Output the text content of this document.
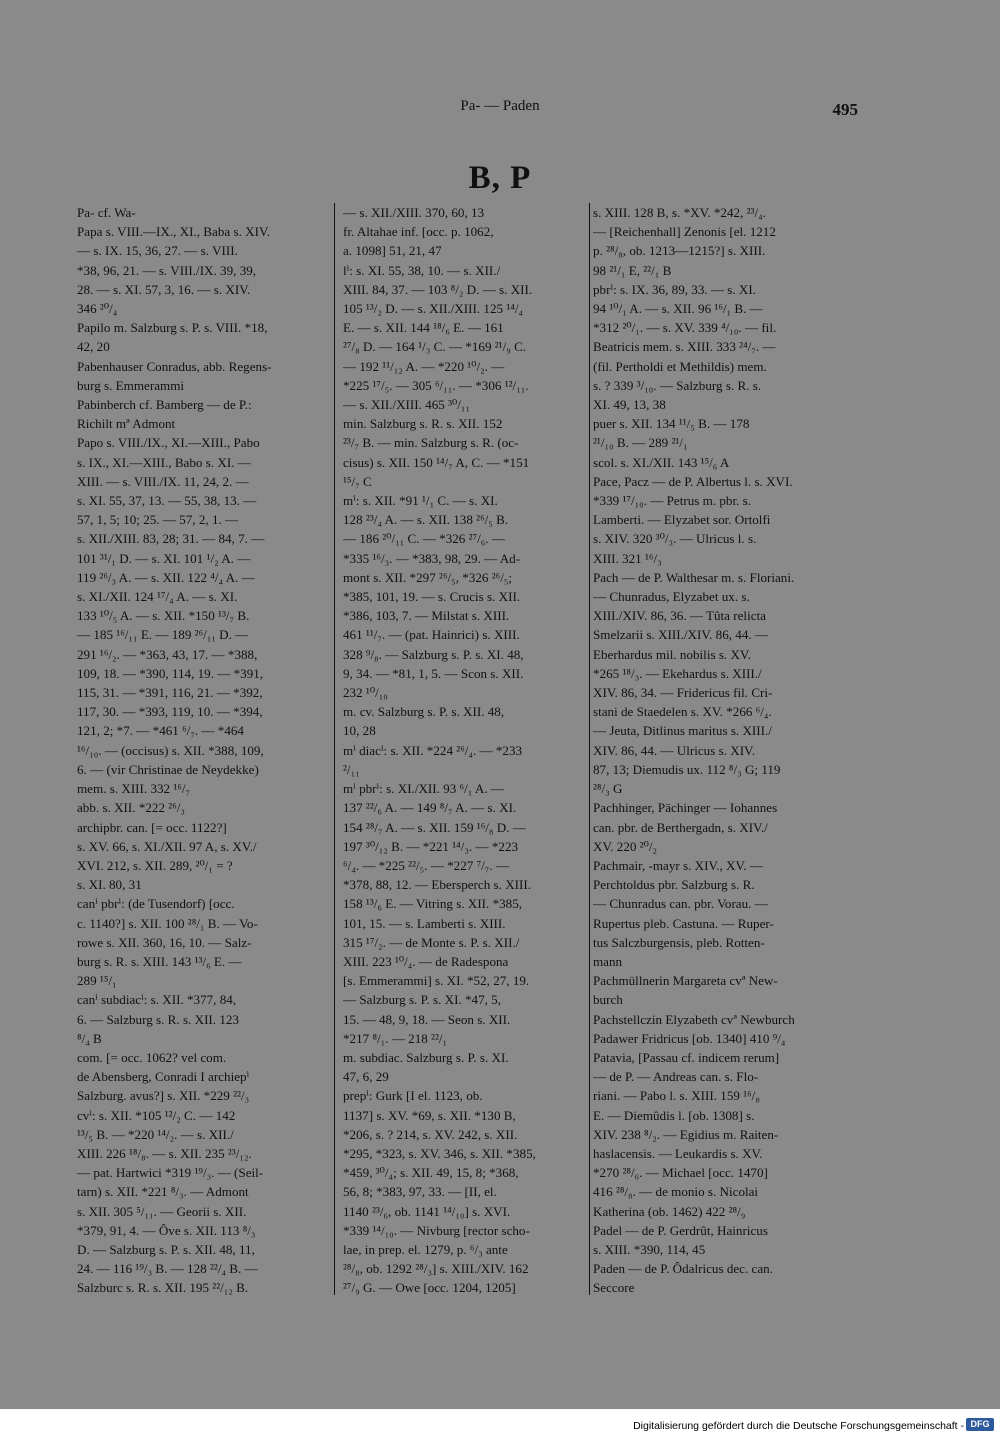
Pa- — Paden	495
B, P
Pa- cf. Wa-
Papa s. VIII.—IX., XI., Baba s. XIV.
— s. IX. 15, 36, 27. — s. VIII.
*38, 96, 21. — s. VIII./IX. 39, 39,
28. — s. XI. 57, 3, 16. — s. XIV.
346 ²⁰/₄
Papilo m. Salzburg s. P. s. VIII. *18,
42, 20
Pabenhauser Conradus, abb. Regens-
burg s. Emmerammi
Pabinberch cf. Bamberg — de P.:
Richilt mª Admont
Papo s. VIII./IX., XI.—XIII., Pabo
s. IX., XI.—XIII., Babo s. XI. —
XIII. — s. VIII./IX. 11, 24, 2. —
s. XI. 55, 37, 13. — 55, 38, 13. —
57, 1, 5; 10; 25. — 57, 2, 1. —
s. XII./XIII. 83, 28; 31. — 84, 7. —
101 ³¹/₁ D. — s. XI. 101 ¹/₂ A. —
119 ²⁶/₃ A. — s. XII. 122 ⁴/₄ A. —
s. XI./XII. 124 ¹⁷/₄ A. — s. XI.
133 ¹⁰/₅ A. — s. XII. *150 ¹³/₇ B.
— 185 ¹⁶/₁₁ E. — 189 ²⁶/₁₁ D. —
291 ¹⁶/₂. — *363, 43, 17. — *388,
109, 18. — *390, 114, 19. — *391,
115, 31. — *391, 116, 21. — *392,
117, 30. — *393, 119, 10. — *394,
121, 2; *7. — *461 ⁶/₇. — *464
¹⁶/₁₀. — (occisus) s. XII. *388, 109,
6. — (vir Christinae de Neydekke)
mem. s. XIII. 332 ¹⁶/₇
abb. s. XII. *222 ²⁶/₃
archipbr. can. [= occ. 1122?]
s. XV. 66, s. XI./XII. 97 A, s. XV./
XVI. 212, s. XII. 289, ²⁰/₁ = ?
s. XI. 80, 31
canⁱ pbrⁱ: (de Tusendorf) [occ.
c. 1140?] s. XII. 100 ²⁸/₁ B. — Vo-
rowe s. XII. 360, 16, 10. — Salz-
burg s. R. s. XIII. 143 ¹³/₆ E. —
289 ¹⁵/₁
canⁱ subdiacⁱ: s. XII. *377, 84,
6. — Salzburg s. R. s. XII. 123
⁸/₄ B
com. [= occ. 1062? vel com.
de Abensberg, Conradi I archiepⁱ
Salzburg. avus?] s. XII. *229 ²²/₃
cvⁱ: s. XII. *105 ¹²/₂ C. — 142
¹³/₅ B. — *220 ¹⁴/₂. — s. XII./
XIII. 226 ¹⁸/₈. — s. XII. 235 ²³/₁₂.
— pat. Hartwici *319 ¹⁹/₃. — (Seil-
tarn) s. XII. *221 ⁸/₃. — Admont
s. XII. 305 ⁵/₁₁. — Georii s. XII.
*379, 91, 4. — Ôve s. XII. 113 ⁸/₃
D. — Salzburg s. P. s. XII. 48, 11,
24. — 116 ¹⁹/₃ B. — 128 ²²/₄ B. —
Salzburc s. R. s. XII. 195 ²²/₁₂ B.
— s. XII./XIII. 370, 60, 13
fr. Altahae inf. [occ. p. 1062,
a. 1098] 51, 21, 47
lⁱ: s. XI. 55, 38, 10. — s. XII./
XIII. 84, 37. — 103 ⁸/₂ D. — s. XII.
105 ¹³/₂ D. — s. XII./XIII. 125 ¹⁴/₄
E. — s. XII. 144 ¹⁸/₆ E. — 161
²⁷/₈ D. — 164 ¹/₃ C. — *169 ²¹/₉ C.
— 192 ¹¹/₁₂ A. — *220 ¹⁰/₂. —
*225 ¹⁷/₅. — 305 ⁶/₁₁. — *306 ¹²/₁₁.
— s. XII./XIII. 465 ³⁰/₁₁
min. Salzburg s. R. s. XII. 152
²³/₇ B. — min. Salzburg s. R. (oc-
cisus) s. XII. 150 ¹⁴/₇ A, C. — *151
¹⁵/₇ C
mⁱ: s. XII. *91 ¹/₁ C. — s. XI.
128 ²³/₄ A. — s. XII. 138 ²⁶/₅ B.
— 186 ²⁰/₁₁ C. — *326 ²⁷/₆. —
*335 ¹⁶/₃. — *383, 98, 29. — Ad-
mont s. XII. *297 ²⁶/₅, *326 ²⁶/₅;
*385, 101, 19. — s. Crucis s. XII.
*386, 103, 7. — Milstat s. XIII.
461 ¹¹/₇. — (pat. Hainrici) s. XIII.
328 ⁹/₈. — Salzburg s. P. s. XI. 48,
9, 34. — *81, 1, 5. — Scon s. XII.
232 ¹⁰/₁₀
m. cv. Salzburg s. P. s. XII. 48,
10, 28
mⁱ diacⁱ: s. XII. *224 ²⁶/₄. — *233
²/₁₁
mⁱ pbrⁱ: s. XI./XII. 93 ⁶/₁ A. —
137 ²²/₆ A. — 149 ⁸/₇ A. — s. XI.
154 ²⁸/₇ A. — s. XII. 159 ¹⁶/₈ D. —
197 ³⁰/₁₂ B. — *221 ¹⁴/₃. — *223
⁶/₄. — *225 ²²/₅. — *227 ⁷/₇. —
*378, 88, 12. — Ebersperch s. XIII.
158 ¹³/₆ E. — Vitring s. XII. *385,
101, 15. — s. Lamberti s. XIII.
315 ¹⁷/₂. — de Monte s. P. s. XII./
XIII. 223 ¹⁰/₄. — de Radespona
[s. Emmerammi] s. XI. *52, 27, 19.
— Salzburg s. P. s. XI. *47, 5,
15. — 48, 9, 18. — Seon s. XII.
*217 ⁸/₁. — 218 ²²/₁
m. subdiac. Salzburg s. P. s. XI.
47, 6, 29
prepⁱ: Gurk [I el. 1123, ob.
1137] s. XV. *69, s. XII. *130 B,
*206, s. ? 214, s. XV. 242, s. XII.
*295, *323, s. XV. 346, s. XII. *385,
*459, ³⁰/₄; s. XII. 49, 15, 8; *368,
56, 8; *383, 97, 33. — [II, el.
1140 ²³/₆, ob. 1141 ¹⁴/₁₀] s. XVI.
*339 ¹⁴/₁₀. — Nivburg [rector scho-
lae, in prep. el. 1279, p. ⁶/₃ ante
²⁸/₈, ob. 1292 ²⁸/₃] s. XIII./XIV. 162
²⁷/₉ G. — Owe [occ. 1204, 1205]
s. XIII. 128 B, s. *XV. *242, ²³/₄.
— [Reichenhall] Zenonis [el. 1212
p. ²⁸/₈, ob. 1213—1215?] s. XIII.
98 ²¹/₁ E, ²²/₁ B
pbrⁱ: s. IX. 36, 89, 33. — s. XI.
94 ¹⁰/₁ A. — s. XII. 96 ¹⁶/₁ B. —
*312 ²⁰/₁. — s. XV. 339 ⁴/₁₀. — fil.
Beatricis mem. s. XIII. 333 ²⁴/₇. —
(fil. Pertholdi et Methildis) mem.
s. ? 339 ³/₁₀. — Salzburg s. R. s.
XI. 49, 13, 38
puer s. XII. 134 ¹¹/₅ B. — 178
²¹/₁₀ B. — 289 ²¹/₁
scol. s. XI./XII. 143 ¹⁵/₆ A
Pace, Pacz — de P. Albertus l. s. XVI.
*339 ¹⁷/₁₀. — Petrus m. pbr. s.
Lamberti. — Elyzabet sor. Ortolfi
s. XIV. 320 ³⁰/₃. — Ulricus l. s.
XIII. 321 ¹⁶/₃
Pach — de P. Walthesar m. s. Floriani.
— Chunradus, Elyzabet ux. s.
XIII./XIV. 86, 36. — Tûta relicta
Smelzarii s. XIII./XIV. 86, 44. —
Eberhardus mil. nobilis s. XV.
*265 ¹⁸/₃. — Ekehardus s. XIII./
XIV. 86, 34. — Fridericus fil. Cri-
stani de Staedelen s. XV. *266 ⁶/₄.
— Jeuta, Ditlinus maritus s. XIII./
XIV. 86, 44. — Ulricus s. XIV.
87, 13; Diemudis ux. 112 ⁸/₃ G; 119
²⁸/₃ G
Pachhinger, Pächinger — Iohannes
can. pbr. de Berthergadn, s. XIV./
XV. 220 ²⁰/₂
Pachmair, -mayr s. XIV., XV. —
Perchtoldus pbr. Salzburg s. R.
— Chunradus can. pbr. Vorau. —
Rupertus pleb. Castuna. — Ruper-
tus Salczburgensis, pleb. Rotten-
mann
Pachmüllnerin Margareta cvª New-
burch
Pachstellczin Elyzabeth cvª Newburch
Padawer Fridricus [ob. 1340] 410 ⁹/₄
Patavia, [Passau cf. indicem rerum]
— de P. — Andreas can. s. Flo-
riani. — Pabo l. s. XIII. 159 ¹⁶/₈
E. — Diemûdis l. [ob. 1308] s.
XIV. 238 ⁸/₂. — Egidius m. Raiten-
haslacensis. — Leukardis s. XV.
*270 ²⁸/₆. — Michael [occ. 1470]
416 ²⁸/₈. — de monio s. Nicolai
Katherina (ob. 1462) 422 ²⁸/₉
Padel — de P. Gerdrût, Hainricus
s. XIII. *390, 114, 45
Paden — de P. Ôdalricus dec. can.
Seccore
Digitalisierung gefördert durch die Deutsche Forschungsgemeinschaft - DFG
